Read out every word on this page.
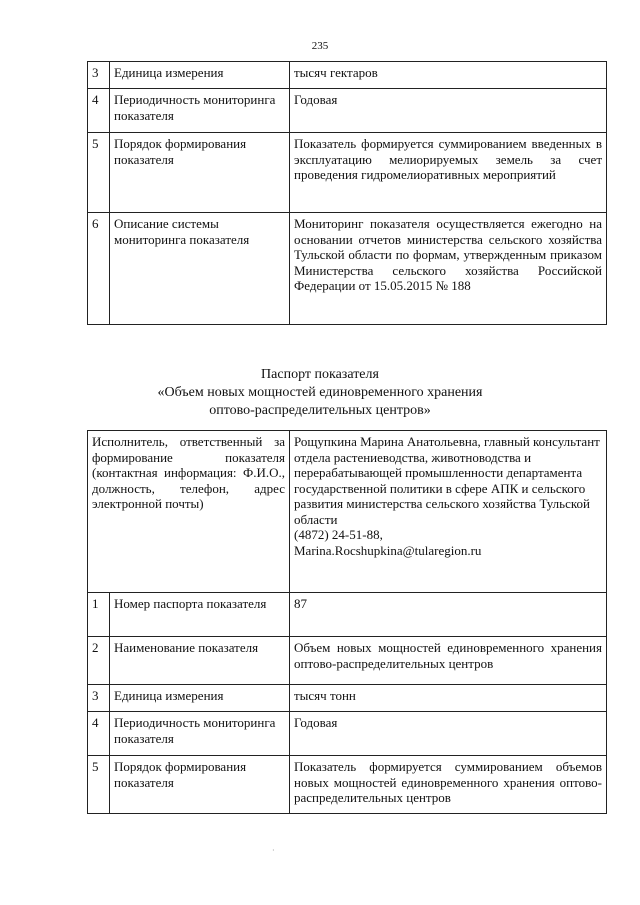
235
3	Единица измерения	тысяч гектаров
4	Периодичность мониторинга показателя	Годовая
5	Порядок формирования показателя	Показатель формируется суммированием введенных в эксплуатацию мелиорируемых земель за счет проведения гидромелиоративных мероприятий
6	Описание системы мониторинга показателя	Мониторинг показателя осуществляется ежегодно на основании отчетов министерства сельского хозяйства Тульской области по формам, утвержденным приказом Министерства сельского хозяйства Российской Федерации от 15.05.2015 № 188
Паспорт показателя
«Объем новых мощностей единовременного хранения
оптово-распределительных центров»
Исполнитель, ответственный за формирование показателя (контактная информация: Ф.И.О., должность, телефон, адрес электронной почты)		Рощупкина Марина Анатольевна, главный консультант отдела растениеводства, животноводства и перерабатывающей промышленности департамента государственной политики в сфере АПК и сельского развития министерства сельского хозяйства Тульской области
(4872) 24-51-88,
Marina.Rocshupkina@tularegion.ru

1	Номер паспорта показателя	87
2	Наименование показателя	Объем новых мощностей единовременного хранения оптово-распределительных центров
3	Единица измерения	тысяч тонн
4	Периодичность мониторинга показателя	Годовая
5	Порядок формирования показателя	Показатель формируется суммированием объемов новых мощностей единовременного хранения оптово-распределительных центров
·
